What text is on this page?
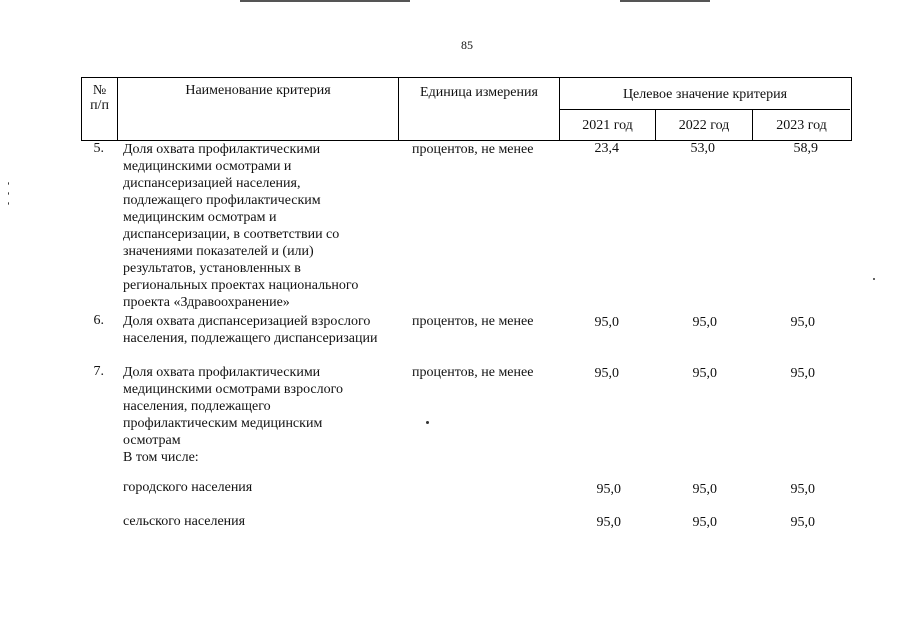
85
№
п/п
Наименование критерия	Единица измерения	Целевое значение критерия
2021 год	2022 год	2023 год
5. Доля охвата профилактическими
медицинскими осмотрами и
диспансеризацией населения,
подлежащего профилактическим
медицинским осмотрам и
диспансеризации, в соответствии со
значениями показателей и (или)
результатов, установленных в
региональных проектах национального
проекта «Здравоохранение»
процентов, не менее	23,4	53,0	58,9
6. Доля охвата диспансеризацией взрослого
населения, подлежащего диспансеризации
процентов, не менее	95,0	95,0	95,0
7. Доля охвата профилактическими
медицинскими осмотрами взрослого
населения, подлежащего
профилактическим медицинским
осмотрам
В том числе:
процентов, не менее	95,0	95,0	95,0
городского населения	95,0	95,0	95,0
сельского населения	95,0	95,0	95,0
